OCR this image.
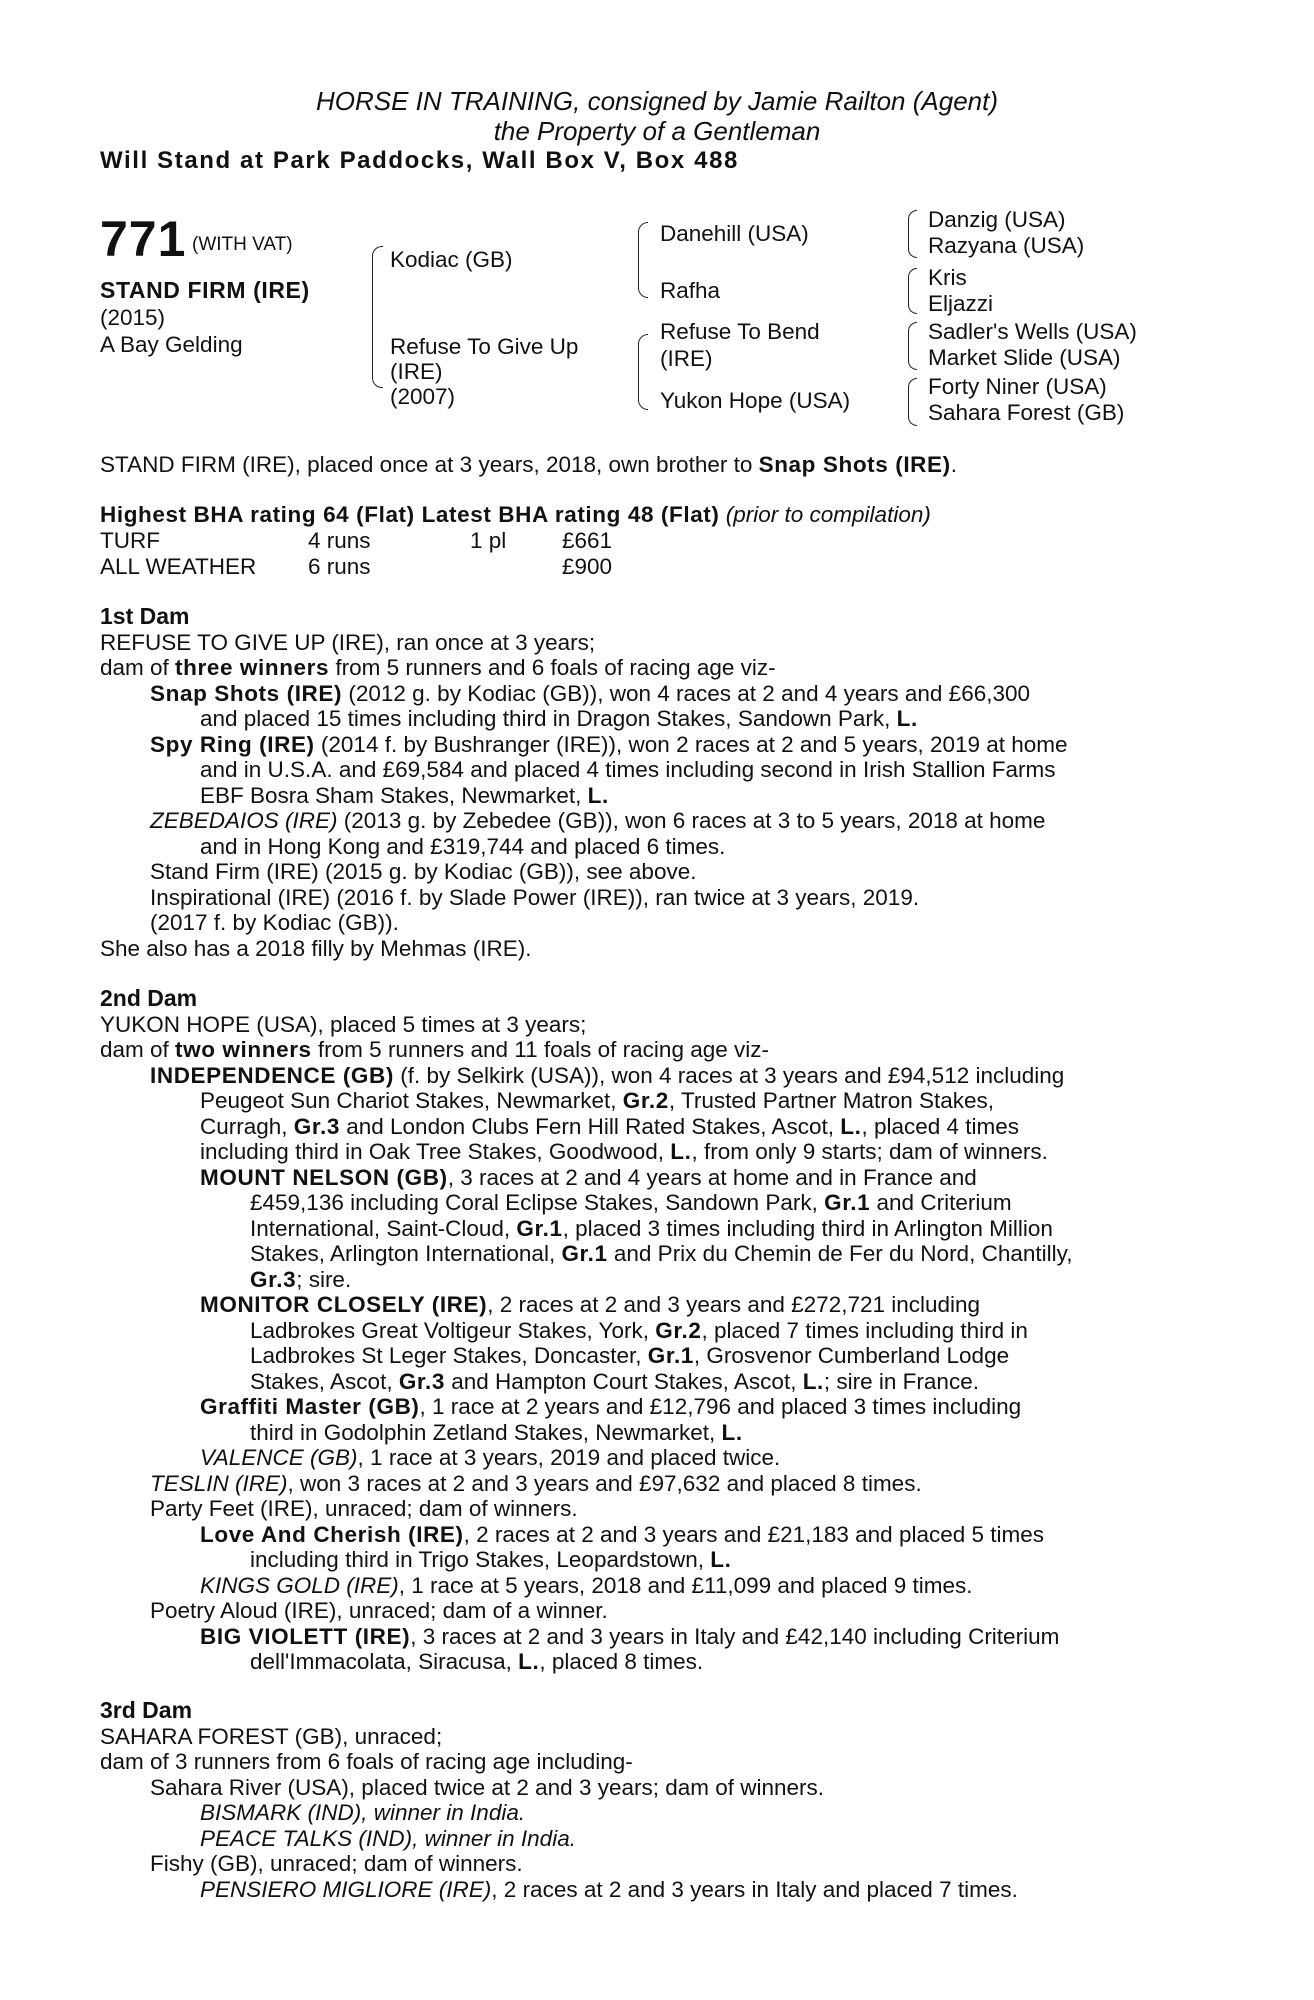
HORSE IN TRAINING, consigned by Jamie Railton (Agent)
the Property of a Gentleman
Will Stand at Park Paddocks, Wall Box V, Box 488
771 (WITH VAT)
STAND FIRM (IRE)
(2015)
A Bay Gelding
Kodiac (GB)
Refuse To Give Up
(IRE)
(2007)
Danehill (USA)
Rafha
Refuse To Bend
(IRE)
Yukon Hope (USA)
Danzig (USA)
Razyana (USA)
Kris
Eljazzi
Sadler's Wells (USA)
Market Slide (USA)
Forty Niner (USA)
Sahara Forest (GB)
STAND FIRM (IRE), placed once at 3 years, 2018, own brother to Snap Shots (IRE).
Highest BHA rating 64 (Flat) Latest BHA rating 48 (Flat) (prior to compilation)
TURF	4 runs	1 pl	£661
ALL WEATHER	6 runs		£900

1st Dam

REFUSE TO GIVE UP (IRE), ran once at 3 years;

dam of three winners from 5 runners and 6 foals of racing age viz-

Snap Shots (IRE) (2012 g. by Kodiac (GB)), won 4 races at 2 and 4 years and £66,300

and placed 15 times including third in Dragon Stakes, Sandown Park, L.

Spy Ring (IRE) (2014 f. by Bushranger (IRE)), won 2 races at 2 and 5 years, 2019 at home

and in U.S.A. and £69,584 and placed 4 times including second in Irish Stallion Farms

EBF Bosra Sham Stakes, Newmarket, L.

ZEBEDAIOS (IRE) (2013 g. by Zebedee (GB)), won 6 races at 3 to 5 years, 2018 at home

and in Hong Kong and £319,744 and placed 6 times.

Stand Firm (IRE) (2015 g. by Kodiac (GB)), see above.

Inspirational (IRE) (2016 f. by Slade Power (IRE)), ran twice at 3 years, 2019.

(2017 f. by Kodiac (GB)).

She also has a 2018 filly by Mehmas (IRE).

2nd Dam

YUKON HOPE (USA), placed 5 times at 3 years;

dam of two winners from 5 runners and 11 foals of racing age viz-

INDEPENDENCE (GB) (f. by Selkirk (USA)), won 4 races at 3 years and £94,512 including

Peugeot Sun Chariot Stakes, Newmarket, Gr.2, Trusted Partner Matron Stakes,

Curragh, Gr.3 and London Clubs Fern Hill Rated Stakes, Ascot, L., placed 4 times

including third in Oak Tree Stakes, Goodwood, L., from only 9 starts; dam of winners.

MOUNT NELSON (GB), 3 races at 2 and 4 years at home and in France and

£459,136 including Coral Eclipse Stakes, Sandown Park, Gr.1 and Criterium

International, Saint-Cloud, Gr.1, placed 3 times including third in Arlington Million

Stakes, Arlington International, Gr.1 and Prix du Chemin de Fer du Nord, Chantilly,

Gr.3; sire.

MONITOR CLOSELY (IRE), 2 races at 2 and 3 years and £272,721 including

Ladbrokes Great Voltigeur Stakes, York, Gr.2, placed 7 times including third in

Ladbrokes St Leger Stakes, Doncaster, Gr.1, Grosvenor Cumberland Lodge

Stakes, Ascot, Gr.3 and Hampton Court Stakes, Ascot, L.; sire in France.

Graffiti Master (GB), 1 race at 2 years and £12,796 and placed 3 times including

third in Godolphin Zetland Stakes, Newmarket, L.

VALENCE (GB), 1 race at 3 years, 2019 and placed twice.

TESLIN (IRE), won 3 races at 2 and 3 years and £97,632 and placed 8 times.

Party Feet (IRE), unraced; dam of winners.

Love And Cherish (IRE), 2 races at 2 and 3 years and £21,183 and placed 5 times

including third in Trigo Stakes, Leopardstown, L.

KINGS GOLD (IRE), 1 race at 5 years, 2018 and £11,099 and placed 9 times.

Poetry Aloud (IRE), unraced; dam of a winner.

BIG VIOLETT (IRE), 3 races at 2 and 3 years in Italy and £42,140 including Criterium

dell'Immacolata, Siracusa, L., placed 8 times.

3rd Dam

SAHARA FOREST (GB), unraced;

dam of 3 runners from 6 foals of racing age including-

Sahara River (USA), placed twice at 2 and 3 years; dam of winners.

BISMARK (IND), winner in India.

PEACE TALKS (IND), winner in India.

Fishy (GB), unraced; dam of winners.

PENSIERO MIGLIORE (IRE), 2 races at 2 and 3 years in Italy and placed 7 times.
